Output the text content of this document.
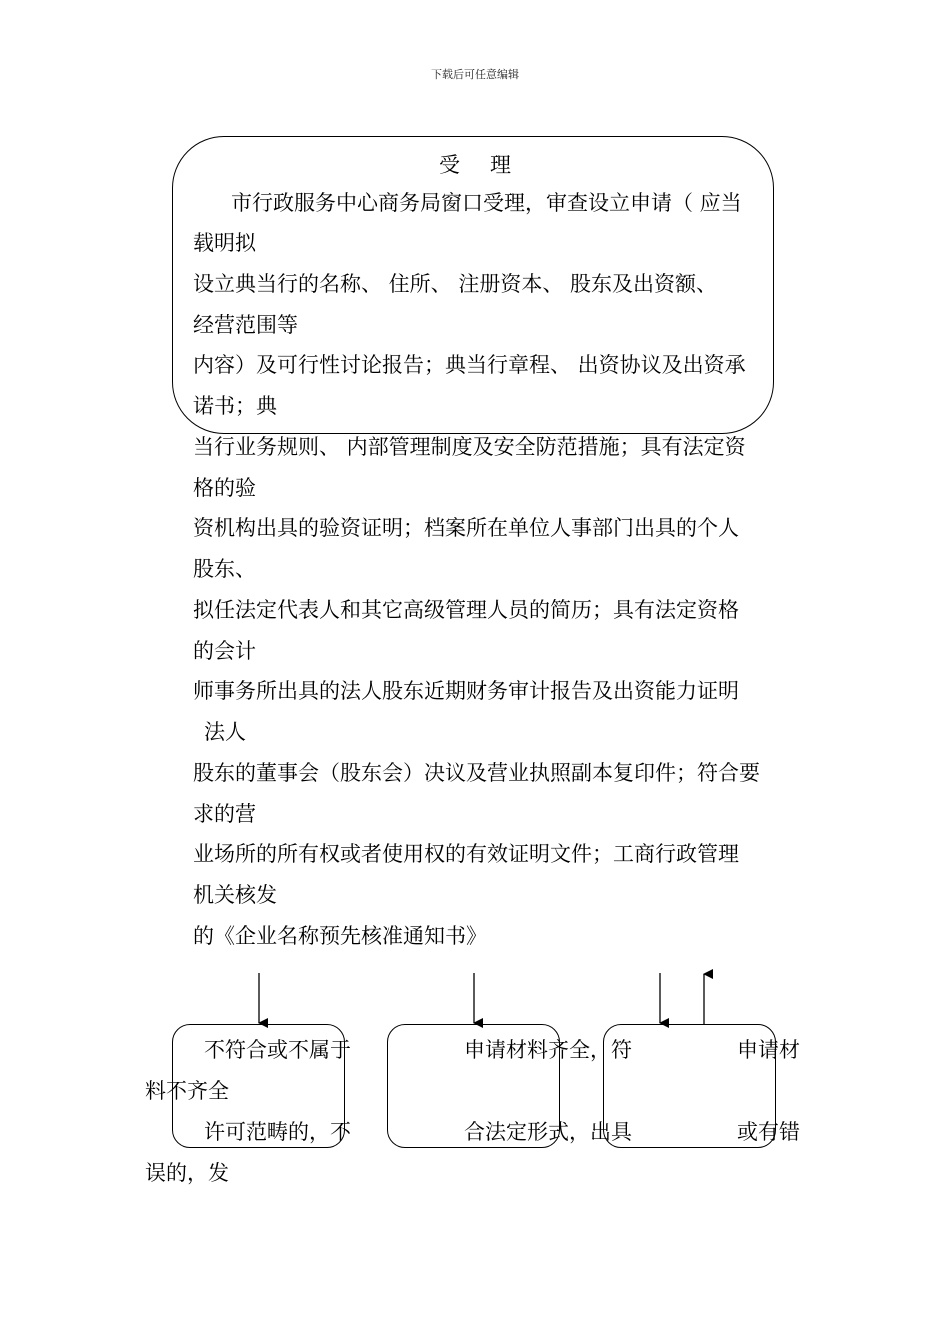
下载后可任意编辑
受理
市行政服务中心商务局窗口受理，审查设立申请（ 应当
载明拟
设立典当行的名称、 住所、 注册资本、 股东及出资额、
经营范围等
内容）及可行性讨论报告；典当行章程、 出资协议及出资承
诺书；典
当行业务规则、 内部管理制度及安全防范措施；具有法定资
格的验
资机构出具的验资证明；档案所在单位人事部门出具的个人
股东、
拟任法定代表人和其它高级管理人员的简历；具有法定资格
的会计
师事务所出具的法人股东近期财务审计报告及出资能力证明
法人
股东的董事会（股东会）决议及营业执照副本复印件；符合要
求的营
业场所的所有权或者使用权的有效证明文件；工商行政管理
机关核发
的《企业名称预先核准通知书》
不符合或不属于	申请材料齐全，符	申请材
料不齐全
许可范畴的，不	合法定形式，出具	或有错
误的，发
